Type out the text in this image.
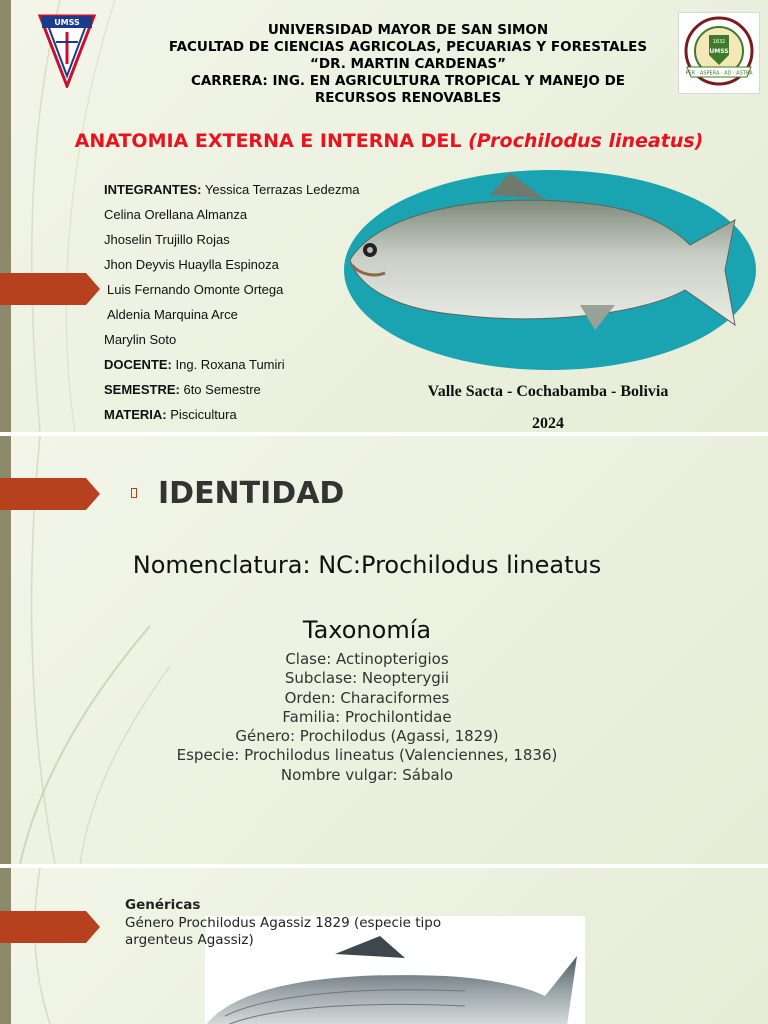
UMSS
UMSS
1832
PER · ASPERA · AD · ASTRA
UNIVERSIDAD MAYOR DE SAN SIMON
FACULTAD DE CIENCIAS AGRICOLAS, PECUARIAS Y FORESTALES
“DR. MARTIN CARDENAS”
CARRERA: ING. EN AGRICULTURA TROPICAL Y MANEJO DE
RECURSOS RENOVABLES
ANATOMIA EXTERNA E INTERNA DEL (Prochilodus lineatus)
INTEGRANTES: Yessica Terrazas Ledezma
Celina Orellana Almanza
Jhoselin Trujillo Rojas
Jhon Deyvis Huaylla Espinoza
Luis Fernando Omonte Ortega
Aldenia Marquina Arce
Marylin Soto
DOCENTE: Ing. Roxana Tumiri
SEMESTRE: 6to Semestre
MATERIA: Piscicultura
Valle Sacta - Cochabamba - Bolivia
2024
IDENTIDAD
Nomenclatura: NC:Prochilodus lineatus
Taxonomía
Clase: Actinopterigios
Subclase: Neopterygii
Orden: Characiformes
Familia: Prochilontidae
Género: Prochilodus (Agassi, 1829)
Especie: Prochilodus lineatus (Valenciennes, 1836)
Nombre vulgar: Sábalo
Genéricas
Género Prochilodus Agassiz 1829 (especie tipo argenteus Agassiz)
